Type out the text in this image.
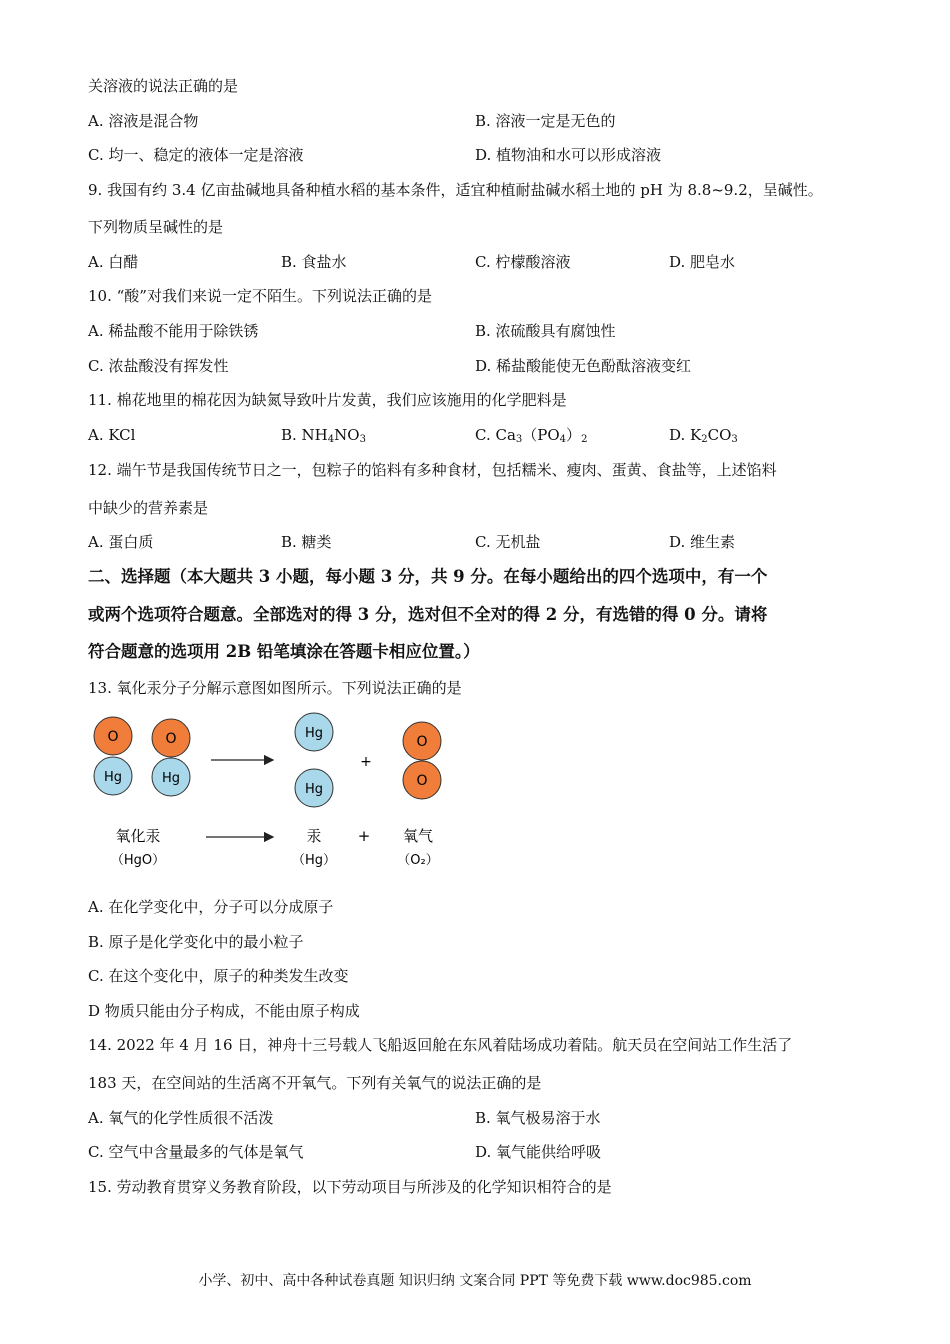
关溶液的说法正确的是
A. 溶液是混合物	B. 溶液一定是无色的
C. 均一、稳定的液体一定是溶液	D. 植物油和水可以形成溶液
9. 我国有约 3.4 亿亩盐碱地具备种植水稻的基本条件，适宜种植耐盐碱水稻土地的 pH 为 8.8~9.2，呈碱性。
下列物质呈碱性的是
A. 白醋	B. 食盐水	C. 柠檬酸溶液	D. 肥皂水
10. “酸”对我们来说一定不陌生。下列说法正确的是
A. 稀盐酸不能用于除铁锈	B. 浓硫酸具有腐蚀性
C. 浓盐酸没有挥发性	D. 稀盐酸能使无色酚酞溶液变红
11. 棉花地里的棉花因为缺氮导致叶片发黄，我们应该施用的化学肥料是
A. KCl	B. $NH_4NO_3$	C. $Ca_3(PO_4)_2$	D. $K_2CO_3$
12. 端午节是我国传统节日之一，包粽子的馅料有多种食材，包括糯米、瘦肉、蛋黄、食盐等，上述馅料
中缺少的营养素是
A. 蛋白质	B. 糖类	C. 无机盐	D. 维生素
二、选择题（本大题共 3 小题，每小题 3 分，共 9 分。在每小题给出的四个选项中，有一个
或两个选项符合题意。全部选对的得 3 分，选对但不全对的得 2 分，有选错的得 0 分。请将
符合题意的选项用 2B 铅笔填涂在答题卡相应位置。）
13. 氧化汞分子分解示意图如图所示。下列说法正确的是
O
Hg
O
Hg
Hg
Hg
+
O
O
氧化汞
（HgO）
汞
（Hg）
+ 氧气
（O₂）
A. 在化学变化中，分子可以分成原子
B. 原子是化学变化中的最小粒子
C. 在这个变化中，原子的种类发生改变
D 物质只能由分子构成，不能由原子构成
14. 2022 年 4 月 16 日，神舟十三号载人飞船返回舱在东风着陆场成功着陆。航天员在空间站工作生活了
183 天，在空间站的生活离不开氧气。下列有关氧气的说法正确的是
A. 氧气的化学性质很不活泼	B. 氧气极易溶于水
C. 空气中含量最多的气体是氧气	D. 氧气能供给呼吸
15. 劳动教育贯穿义务教育阶段，以下劳动项目与所涉及的化学知识相符合的是
小学、初中、高中各种试卷真题 知识归纳 文案合同 PPT 等免费下载 www.doc985.com
